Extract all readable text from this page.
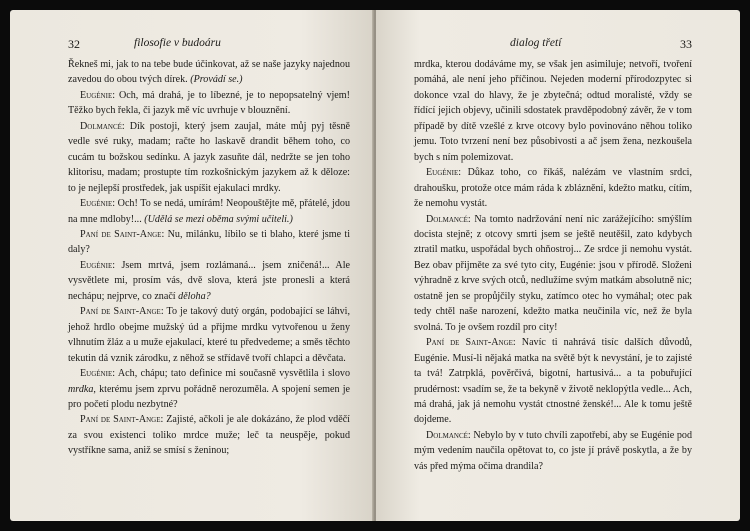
32	filosofie v budoáru

Řekneš mi, jak to na tebe bude účinkovat, až se naše jazyky najednou zavedou do obou tvých dírek. (Provádí se.)

Eugénie: Och, má drahá, je to líbezné, je to nepopsatelný vjem! Těžko bych řekla, či jazyk mě víc uvrhuje v blouznění.

Dolmancé: Dík postoji, který jsem zaujal, máte můj pyj těsně vedle své ruky, madam; račte ho laskavě drandit během toho, co cucám tu božskou sedínku. A jazyk zasuňte dál, nedržte se jen toho klitorisu, madam; prostupte tím rozkošnickým jazykem až k děloze: to je nejlepší prostředek, jak uspíšit ejakulaci mrdky.

Eugénie: Och! To se nedá, umírám! Neopouštějte mě, přátelé, jdou na mne mdloby!... (Udělá se mezi oběma svými učiteli.)

Paní de Saint-Ange: Nu, milánku, líbilo se ti blaho, které jsme ti daly?

Eugénie: Jsem mrtvá, jsem rozlámaná... jsem zničená!... Ale vysvětlete mi, prosím vás, dvě slova, která jste pronesli a která nechápu; nejprve, co značí děloha?

Paní de Saint-Ange: To je takový dutý orgán, podobající se láhvi, jehož hrdlo obejme mužský úd a přijme mrdku vytvořenou u ženy vlhnutím žláz a u muže ejakulací, které tu předvedeme; a směs těchto tekutin dá vznik zárodku, z něhož se střídavě tvoří chlapci a děvčata.

Eugénie: Ach, chápu; tato definice mi současně vysvětlila i slovo mrdka, kterému jsem zprvu pořádně nerozuměla. A spojení semen je pro početí plodu nezbytné?

Paní de Saint-Ange: Zajisté, ačkoli je ale dokázáno, že plod vděčí za svou existenci toliko mrdce muže; leč ta neuspěje, pokud vystříkne sama, aniž se smísí s ženinou;

dialog třetí	33

mrdka, kterou dodáváme my, se však jen asimiluje; netvoří, tvoření pomáhá, ale není jeho příčinou. Nejeden moderní přírodozpytec si dokonce vzal do hlavy, že je zbytečná; odtud moralisté, vždy se řídící jejich objevy, učinili sdostatek pravděpodobný závěr, že v tom případě by dítě vzešlé z krve otcovy bylo povinováno něhou toliko jemu. Toto tvrzení není bez působivosti a ač jsem žena, nezkoušela bych s ním polemizovat.

Eugénie: Důkaz toho, co říkáš, nalézám ve vlastním srdci, drahoušku, protože otce mám ráda k zbláznění, kdežto matku, cítím, že nemohu vystát.

Dolmancé: Na tomto nadržování není nic zarážejícího: smýšlím docista stejně; z otcovy smrti jsem se ještě neutěšil, zato kdybych ztratil matku, uspořádal bych ohňostroj... Ze srdce ji nemohu vystát. Bez obav přijměte za své tyto city, Eugénie: jsou v přírodě. Složeni výhradně z krve svých otců, nedlužíme svým matkám absolutně nic; ostatně jen se propůjčily styku, zatímco otec ho vymáhal; otec pak tedy chtěl naše narození, kdežto matka neučinila víc, než že byla svolná. To je ovšem rozdíl pro city!

Paní de Saint-Ange: Navíc ti nahrává tisíc dalších důvodů, Eugénie. Musí-li nějaká matka na světě být k nevystání, je to zajisté ta tvá! Zatrpklá, pověrčivá, bigotní, hartusivá... a ta pobuřující prudérnost: vsadím se, že ta bekyně v životě neklopýtla vedle... Ach, má drahá, jak já nemohu vystát ctnostné ženské!... Ale k tomu ještě dojdeme.

Dolmancé: Nebylo by v tuto chvíli zapotřebí, aby se Eugénie pod mým vedením naučila opětovat to, co jste jí právě poskytla, a že by vás před mýma očima drandila?
